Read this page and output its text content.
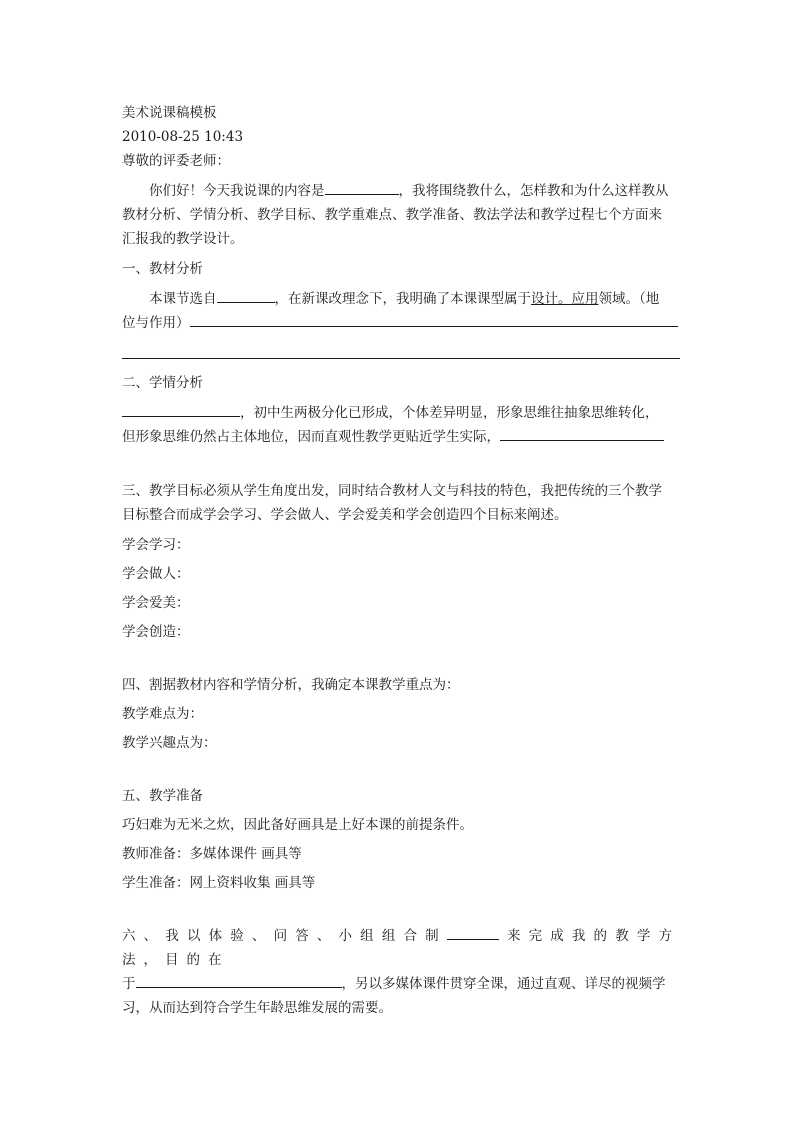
美术说课稿模板
2010-08-25 10:43
尊敬的评委老师：
你们好！今天我说课的内容是	，我将围绕教什么，怎样教和为什么这样教从
教材分析、学情分析、教学目标、教学重难点、教学准备、教法学法和教学过程七个方面来
汇报我的教学设计。
一、教材分析
本课节选自	，在新课改理念下，我明确了本课课型属于设计。应用领域。（地
位与作用）
二、学情分析
，初中生两极分化已形成，个体差异明显，形象思维往抽象思维转化，
但形象思维仍然占主体地位，因而直观性教学更贴近学生实际，
三、教学目标必须从学生角度出发，同时结合教材人文与科技的特色，我把传统的三个教学
目标整合而成学会学习、学会做人、学会爱美和学会创造四个目标来阐述。
学会学习：
学会做人：
学会爱美：
学会创造：
四、割据教材内容和学情分析，我确定本课教学重点为：
教学难点为：
教学兴趣点为：
五、教学准备
巧妇难为无米之炊，因此备好画具是上好本课的前提条件。
教师准备：多媒体课件 画具等
学生准备：网上资料收集 画具等
六、我以体验、问答、小组组合制	来完成我的教学方法，目的在
于	，另以多媒体课件贯穿全课，通过直观、详尽的视频学
习，从而达到符合学生年龄思维发展的需要。
